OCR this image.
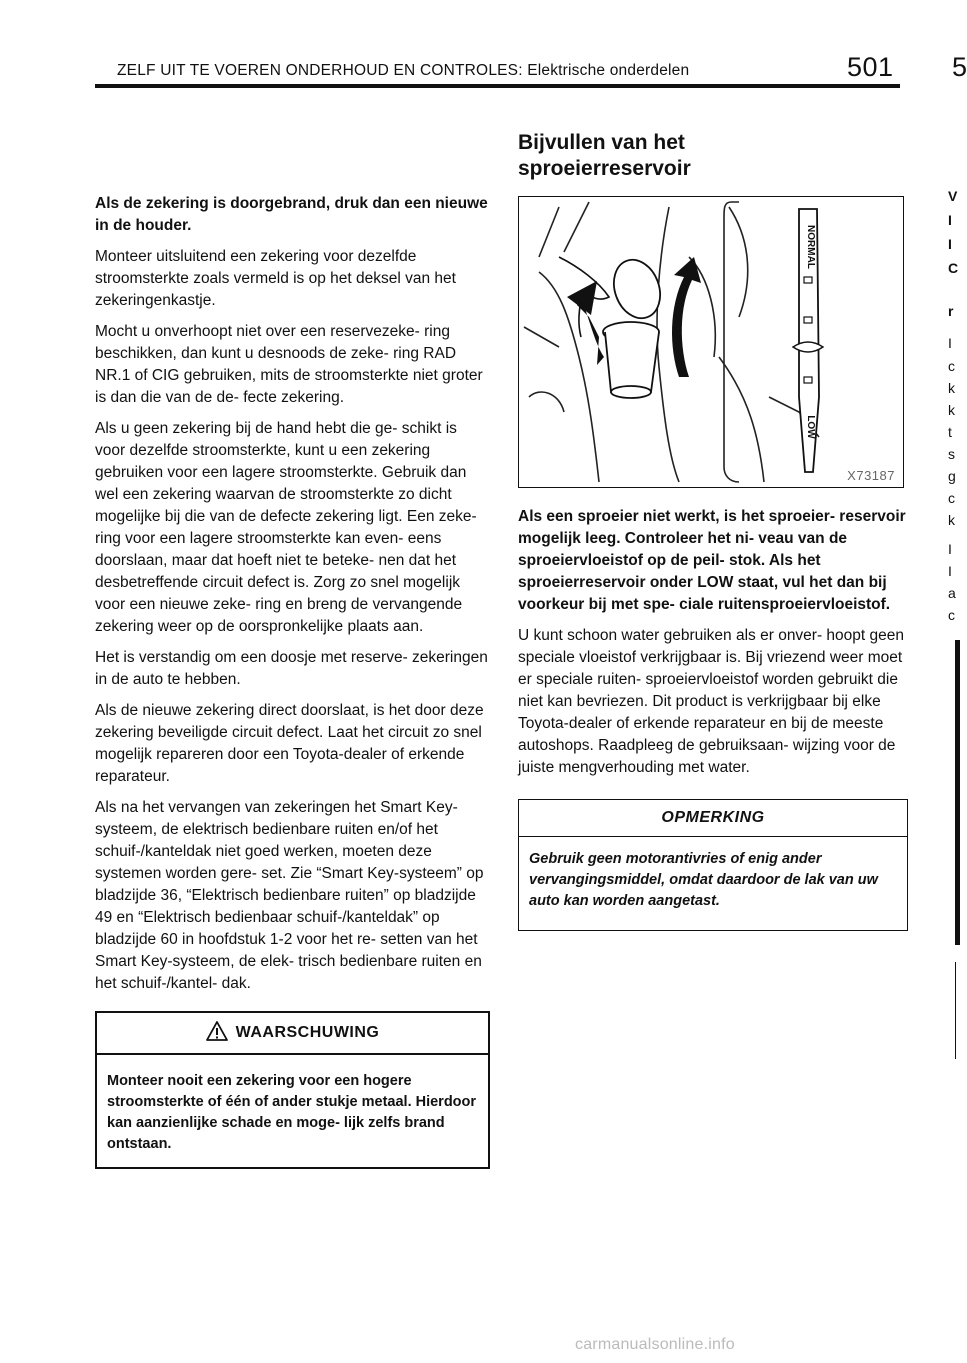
ZELF UIT TE VOEREN ONDERHOUD EN CONTROLES: Elektrische onderdelen	501 5

Als de zekering is doorgebrand, druk dan een nieuwe in de houder.

Monteer uitsluitend een zekering voor dezelfde stroomsterkte zoals vermeld is op het deksel van het zekeringenkastje.

Mocht u onverhoopt niet over een reservezeke- ring beschikken, dan kunt u desnoods de zeke- ring RAD NR.1 of CIG gebruiken, mits de stroomsterkte niet groter is dan die van de de- fecte zekering.

Als u geen zekering bij de hand hebt die ge- schikt is voor dezelfde stroomsterkte, kunt u een zekering gebruiken voor een lagere stroomsterkte. Gebruik dan wel een zekering waarvan de stroomsterkte zo dicht mogelijke bij die van de defecte zekering ligt. Een zeke- ring voor een lagere stroomsterkte kan even- eens doorslaan, maar dat hoeft niet te beteke- nen dat het desbetreffende circuit defect is. Zorg zo snel mogelijk voor een nieuwe zeke- ring en breng de vervangende zekering weer op de oorspronkelijke plaats aan.

Het is verstandig om een doosje met reserve- zekeringen in de auto te hebben.

Als de nieuwe zekering direct doorslaat, is het door deze zekering beveiligde circuit defect. Laat het circuit zo snel mogelijk repareren door een Toyota-dealer of erkende reparateur.

Als na het vervangen van zekeringen het Smart Key-systeem, de elektrisch bedienbare ruiten en/of het schuif-/kanteldak niet goed werken, moeten deze systemen worden gere- set. Zie “Smart Key-systeem” op bladzijde 36, “Elektrisch bedienbare ruiten” op bladzijde 49 en “Elektrisch bedienbaar schuif-/kanteldak” op bladzijde 60 in hoofdstuk 1-2 voor het re- setten van het Smart Key-systeem, de elek- trisch bedienbare ruiten en het schuif-/kantel- dak.

WAARSCHUWING
Monteer nooit een zekering voor een hogere stroomsterkte of één of ander stukje metaal. Hierdoor kan aanzienlijke schade en moge- lijk zelfs brand ontstaan.
Bijvullen van het sproeierreservoir
NORMAL
LOW
X73187

Als een sproeier niet werkt, is het sproeier- reservoir mogelijk leeg. Controleer het ni- veau van de sproeiervloeistof op de peil- stok. Als het sproeierreservoir onder LOW staat, vul het dan bij voorkeur bij met spe- ciale ruitensproeiervloeistof.

U kunt schoon water gebruiken als er onver- hoopt geen speciale vloeistof verkrijgbaar is. Bij vriezend weer moet er speciale ruiten- sproeiervloeistof worden gebruikt die niet kan bevriezen. Dit product is verkrijgbaar bij elke Toyota-dealer of erkende reparateur en bij de meeste autoshops. Raadpleeg de gebruiksaan- wijzing voor de juiste mengverhouding met water.

OPMERKING
Gebruik geen motorantivries of enig ander vervangingsmiddel, omdat daardoor de lak van uw auto kan worden aangetast.
V
I
I
C
r
I
c
k
k
t
s
g
c
k
I
I
a
c
carmanualsonline.info
